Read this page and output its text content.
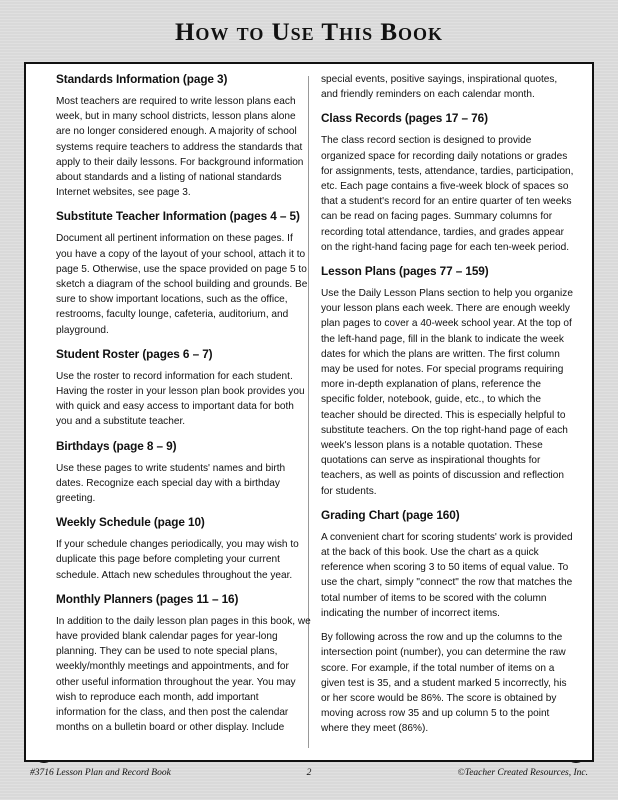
How to Use This Book
Standards Information (page 3)

Most teachers are required to write lesson plans each week, but in many school districts, lesson plans alone are no longer considered enough. A majority of school systems require teachers to address the standards that apply to their daily lessons. For background information about standards and a listing of national standards Internet websites, see page 3.

Substitute Teacher Information (pages 4 – 5)

Document all pertinent information on these pages. If you have a copy of the layout of your school, attach it to page 5. Otherwise, use the space provided on page 5 to sketch a diagram of the school building and grounds. Be sure to show important locations, such as the office, restrooms, faculty lounge, cafeteria, auditorium, and playground.

Student Roster (pages 6 – 7)

Use the roster to record information for each student. Having the roster in your lesson plan book provides you with quick and easy access to important data for both you and a substitute teacher.

Birthdays (page 8 – 9)

Use these pages to write students' names and birth dates. Recognize each special day with a birthday greeting.

Weekly Schedule (page 10)

If your schedule changes periodically, you may wish to duplicate this page before completing your current schedule. Attach new schedules throughout the year.

Monthly Planners (pages 11 – 16)

In addition to the daily lesson plan pages in this book, we have provided blank calendar pages for year-long planning. They can be used to note special plans, weekly/monthly meetings and appointments, and for other useful information throughout the year. You may wish to reproduce each month, add important information for the class, and then post the calendar months on a bulletin board or other display. Include

special events, positive sayings, inspirational quotes, and friendly reminders on each calendar month.

Class Records (pages 17 – 76)

The class record section is designed to provide organized space for recording daily notations or grades for assignments, tests, attendance, tardies, participation, etc. Each page contains a five-week block of spaces so that a student's record for an entire quarter of ten weeks can be read on facing pages. Summary columns for recording total attendance, tardies, and grades appear on the right-hand facing page for each ten-week period.

Lesson Plans (pages 77 – 159)

Use the Daily Lesson Plans section to help you organize your lesson plans each week. There are enough weekly plan pages to cover a 40-week school year. At the top of the left-hand page, fill in the blank to indicate the week dates for which the plans are written. The first column may be used for notes. For special programs requiring more in-depth explanation of plans, reference the specific folder, notebook, guide, etc., to which the teacher should be directed. This is especially helpful to substitute teachers. On the top right-hand page of each week's lesson plans is a notable quotation. These quotations can serve as inspirational thoughts for teachers, as well as points of discussion and reflection for students.

Grading Chart (page 160)

A convenient chart for scoring students' work is provided at the back of this book. Use the chart as a quick reference when scoring 3 to 50 items of equal value. To use the chart, simply "connect" the row that matches the total number of items to be scored with the column indicating the number of incorrect items.

By following across the row and up the columns to the intersection point (number), you can determine the raw score. For example, if the total number of items on a given test is 35, and a student marked 5 incorrectly, his or her score would be 86%. The score is obtained by moving across row 35 and up column 5 to the point where they meet (86%).

#3716 Lesson Plan and Record Book	2	©Teacher Created Resources, Inc.
